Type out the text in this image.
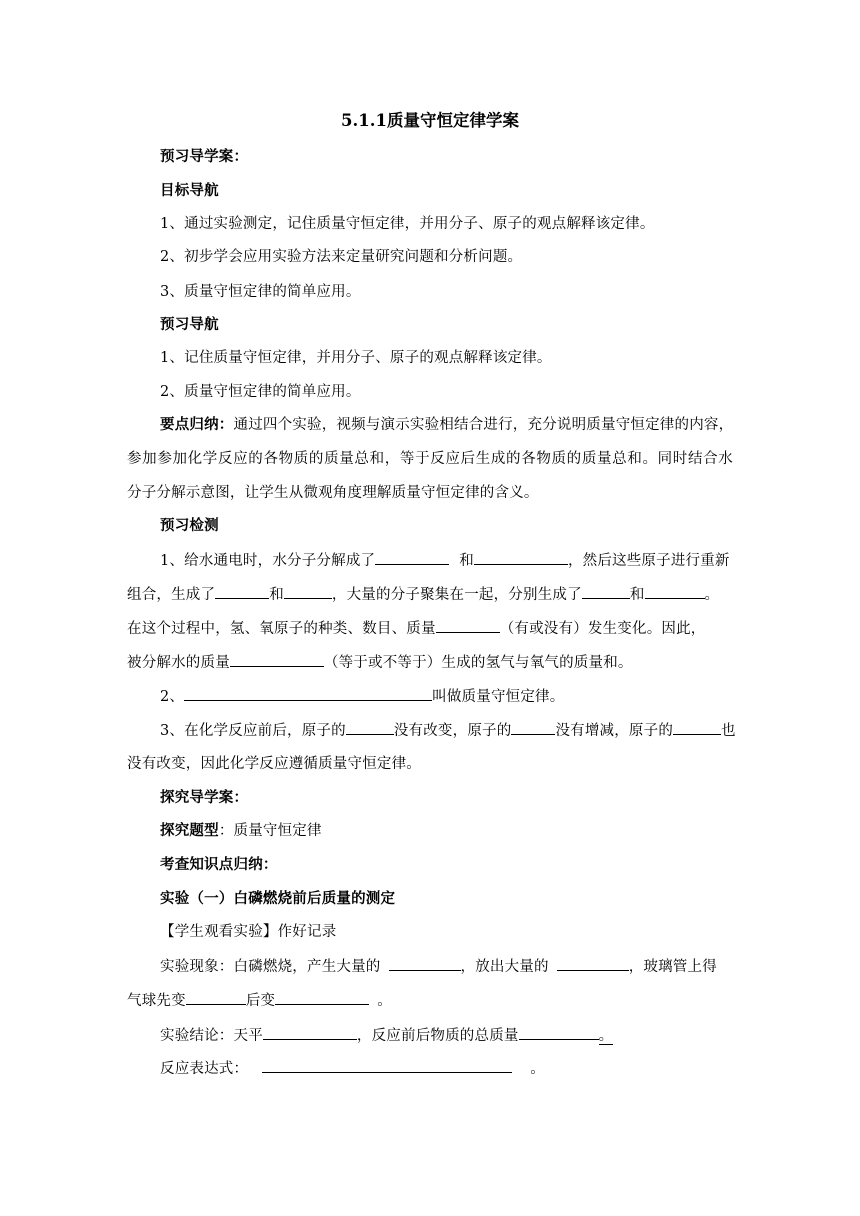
5.1.1质量守恒定律学案
预习导学案：
目标导航
1、通过实验测定，记住质量守恒定律，并用分子、原子的观点解释该定律。
2、初步学会应用实验方法来定量研究问题和分析问题。
3、质量守恒定律的简单应用。
预习导航
1、记住质量守恒定律，并用分子、原子的观点解释该定律。
2、质量守恒定律的简单应用。
要点归纳：通过四个实验，视频与演示实验相结合进行，充分说明质量守恒定律的内容，
参加参加化学反应的各物质的质量总和，等于反应后生成的各物质的质量总和。同时结合水
分子分解示意图，让学生从微观角度理解质量守恒定律的含义。
预习检测
1、给水通电时，水分子分解成了	和	，然后这些原子进行重新
组合，生成了	和	，大量的分子聚集在一起，分别生成了	和	。
在这个过程中，氢、氧原子的种类、数目、质量	（有或没有）发生变化。因此，
被分解水的质量	（等于或不等于）生成的氢气与氧气的质量和。
2、	叫做质量守恒定律。
3、在化学反应前后，原子的	没有改变，原子的	没有增减，原子的	也
没有改变，因此化学反应遵循质量守恒定律。
探究导学案：
探究题型：质量守恒定律
考查知识点归纳：
实验（一）白磷燃烧前后质量的测定
【学生观看实验】作好记录
实验现象：白磷燃烧，产生大量的	，放出大量的	，玻璃管上得
气球先变	后变	。
实验结论：天平	，反应前后物质的总质量	。
反应表达式：	。
